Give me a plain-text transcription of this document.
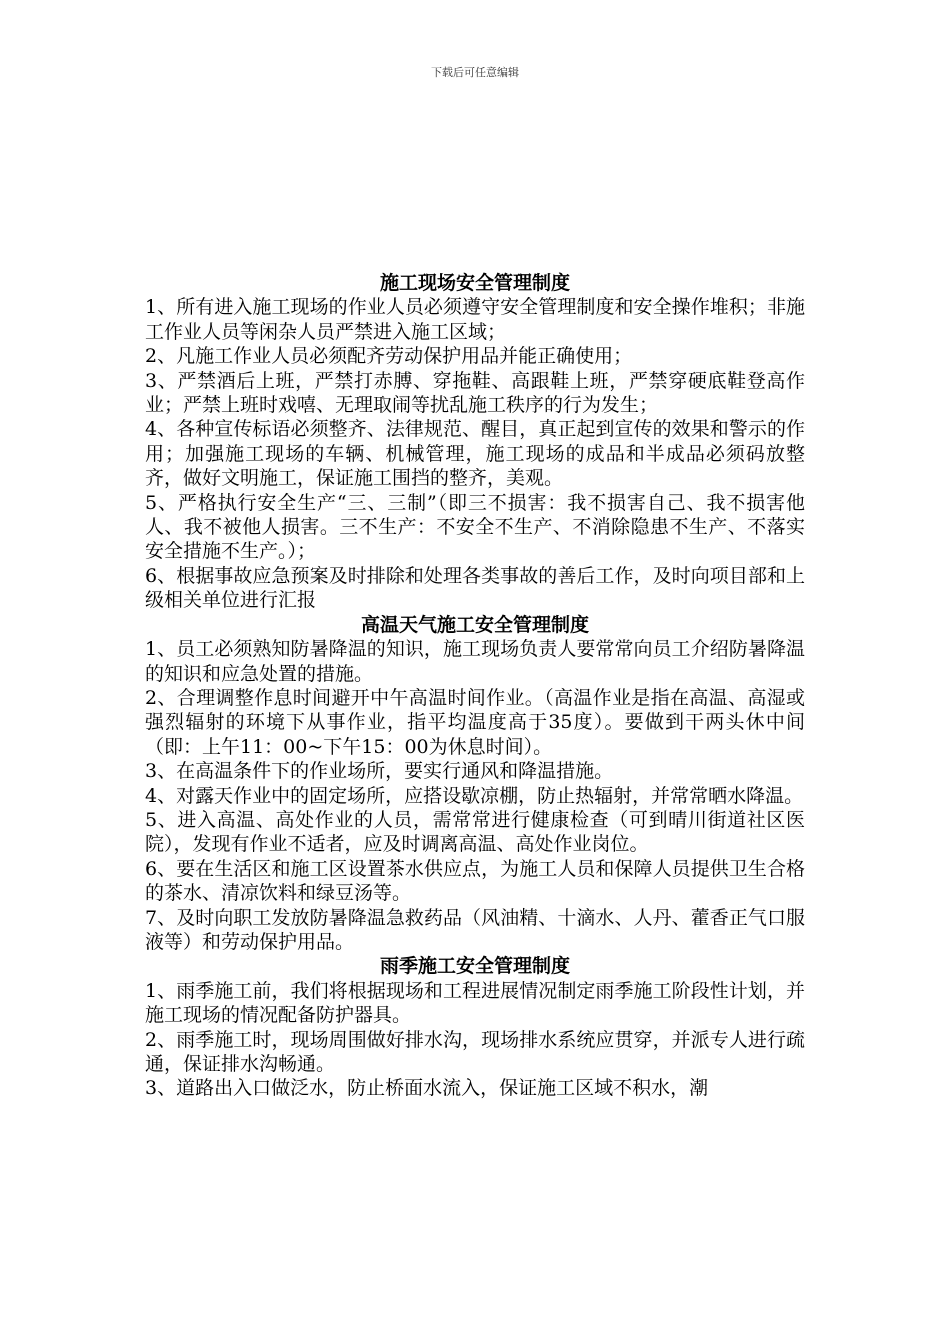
下载后可任意编辑
施工现场安全管理制度

1、所有进入施工现场的作业人员必须遵守安全管理制度和安全操作堆积；非施工作业人员等闲杂人员严禁进入施工区域；

2、凡施工作业人员必须配齐劳动保护用品并能正确使用；

3、严禁酒后上班，严禁打赤膊、穿拖鞋、高跟鞋上班，严禁穿硬底鞋登高作业；严禁上班时戏嘻、无理取闹等扰乱施工秩序的行为发生；

4、各种宣传标语必须整齐、法律规范、醒目，真正起到宣传的效果和警示的作用；加强施工现场的车辆、机械管理，施工现场的成品和半成品必须码放整齐，做好文明施工，保证施工围挡的整齐，美观。

5、严格执行安全生产“三、三制”（即三不损害：我不损害自己、我不损害他人、我不被他人损害。三不生产：不安全不生产、不消除隐患不生产、不落实安全措施不生产。）；

6、根据事故应急预案及时排除和处理各类事故的善后工作，及时向项目部和上级相关单位进行汇报

高温天气施工安全管理制度

1、员工必须熟知防暑降温的知识，施工现场负责人要常常向员工介绍防暑降温的知识和应急处置的措施。

2、合理调整作息时间避开中午高温时间作业。（高温作业是指在高温、高湿或强烈辐射的环境下从事作业，指平均温度高于35度）。要做到干两头休中间（即：上午11：00~下午15：00为休息时间）。

3、在高温条件下的作业场所，要实行通风和降温措施。

4、对露天作业中的固定场所，应搭设歇凉棚，防止热辐射，并常常晒水降温。

5、进入高温、高处作业的人员，需常常进行健康检查（可到晴川街道社区医院），发现有作业不适者，应及时调离高温、高处作业岗位。

6、要在生活区和施工区设置茶水供应点，为施工人员和保障人员提供卫生合格的茶水、清凉饮料和绿豆汤等。

7、及时向职工发放防暑降温急救药品（风油精、十滴水、人丹、藿香正气口服液等）和劳动保护用品。

雨季施工安全管理制度

1、雨季施工前，我们将根据现场和工程进展情况制定雨季施工阶段性计划，并施工现场的情况配备防护器具。

2、雨季施工时，现场周围做好排水沟，现场排水系统应贯穿，并派专人进行疏通，保证排水沟畅通。

3、道路出入口做泛水，防止桥面水流入，保证施工区域不积水，潮
